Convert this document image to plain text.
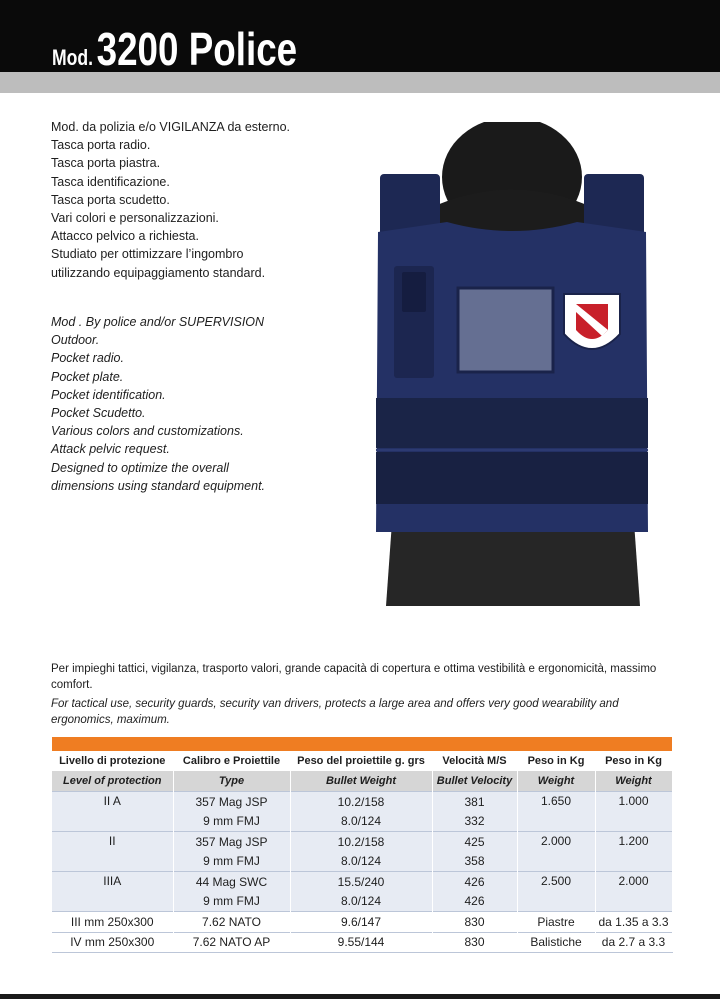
Mod. 3200 Police
Mod. da polizia e/o VIGILANZA da esterno.
Tasca porta radio.
Tasca porta piastra.
Tasca identificazione.
Tasca porta scudetto.
Vari colori e personalizzazioni.
Attacco pelvico a richiesta.
Studiato per ottimizzare l’ingombro
utilizzando equipaggiamento standard.
Mod . By police and/or SUPERVISION
Outdoor.
Pocket radio.
Pocket plate.
Pocket identification.
Pocket Scudetto.
Various colors and customizations.
Attack pelvic request.
Designed to optimize the overall
dimensions using standard equipment.
Per impieghi tattici, vigilanza, trasporto valori, grande capacità di copertura e ottima vestibilità e ergonomicità, massimo comfort.
For tactical use, security guards, security van drivers, protects a large area and offers very good wearability and ergonomics, maximum.
Livello di protezione	Calibro e Proiettile	Peso del proiettile g. grs	Velocità M/S	Peso in Kg	Peso in Kg
Level of protection	Type	Bullet Weight	Bullet Velocity	Weight	Weight
II A	357 Mag JSP	10.2/158	381	1.650	1.000
	9 mm FMJ	8.0/124	332		
II	357 Mag JSP	10.2/158	425	2.000	1.200
	9 mm FMJ	8.0/124	358		
IIIA	44 Mag SWC	15.5/240	426	2.500	2.000
	9 mm FMJ	8.0/124	426		
III mm 250x300	7.62 NATO	9.6/147	830	Piastre	da 1.35 a 3.3
IV mm 250x300	7.62 NATO AP	9.55/144	830	Balistiche	da 2.7 a 3.3
